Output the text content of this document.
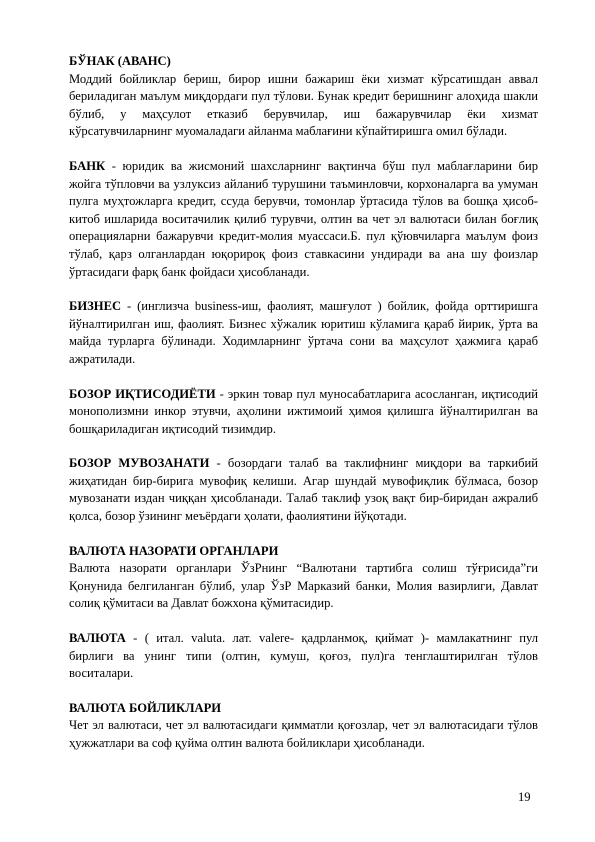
БЎНАК (АВАНС)

Моддий бойликлар бериш, бирор ишни бажариш ёки хизмат кўрсатишдан аввал бериладиган маълум миқдордаги пул тўлови. Бунак кредит беришнинг алоҳида шакли бўлиб, у маҳсулот етказиб берувчилар, иш бажарувчилар ёки хизмат кўрсатувчиларнинг муомаладаги айланма маблағини кўпайтиришга омил бўлади.

БАНК - юридик ва жисмоний шахсларнинг вақтинча бўш пул маблағларини бир жойга тўпловчи ва узлуксиз айланиб турушини таъминловчи, корхоналарга ва умуман пулга муҳтожларга кредит, ссуда берувчи, томонлар ўртасида тўлов ва бошқа ҳисоб-китоб ишларида воситачилик қилиб турувчи, олтин ва чет эл валютаси билан боғлиқ операцияларни бажарувчи кредит-молия муассаси.Б. пул қўювчиларга маълум фоиз тўлаб, қарз олганлардан юқорироқ фоиз ставкасини ундиради ва ана шу фоизлар ўртасидаги фарқ банк фойдаси ҳисобланади.

БИЗНЕС - (инглизча business-иш, фаолият, машғулот ) бойлик, фойда орттиришга йўналтирилган иш, фаолият. Бизнес хўжалик юритиш кўламига қараб йирик, ўрта ва майда турларга бўлинади. Ходимларнинг ўртача сони ва маҳсулот ҳажмига қараб ажратилади.

БОЗОР ИҚТИСОДИЁТИ - эркин товар пул муносабатларига асосланган, иқтисодий монополизмни инкор этувчи, аҳолини ижтимоий ҳимоя қилишга йўналтирилган ва бошқариладиган иқтисодий тизимдир.

БОЗОР МУВОЗАНАТИ - бозордаги талаб ва таклифнинг миқдори ва таркибий жиҳатидан бир-бирига мувофиқ келиши. Агар шундай мувофиқлик бўлмаса, бозор мувозанати издан чиққан ҳисобланади. Талаб таклиф узоқ вақт бир-биридан ажралиб қолса, бозор ўзининг меъёрдаги ҳолати, фаолиятини йўқотади.

ВАЛЮТА НАЗОРАТИ ОРГАНЛАРИ

Валюта назорати органлари ЎзРнинг “Валютани тартибга солиш тўғрисида”ги Қонунида белгиланган бўлиб, улар ЎзР Марказий банки, Молия вазирлиги, Давлат солиқ қўмитаси ва Давлат божхона қўмитасидир.

ВАЛЮТА - ( итал. valuta. лат. valere- қадрланмоқ, қиймат )- мамлакатнинг пул бирлиги ва унинг типи (олтин, кумуш, қоғоз, пул)га тенглаштирилган тўлов воситалари.

ВАЛЮТА БОЙЛИКЛАРИ

Чет эл валютаси, чет эл валютасидаги қимматли қоғозлар, чет эл валютасидаги тўлов ҳужжатлари ва соф қуйма олтин валюта бойликлари ҳисобланади.

19
